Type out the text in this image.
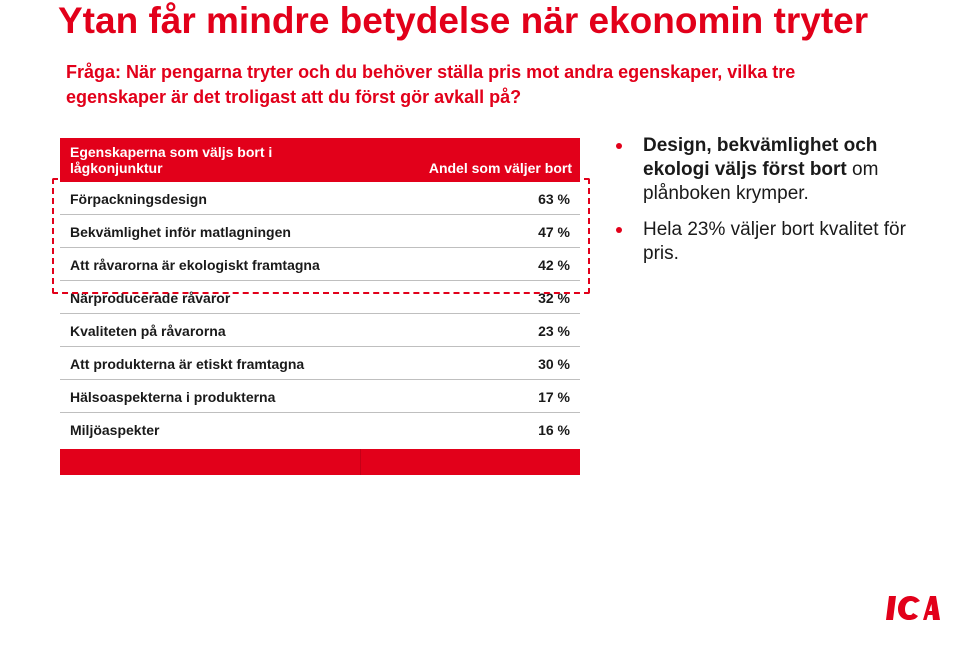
Ytan får mindre betydelse när ekonomin tryter
Fråga: När pengarna tryter och du behöver ställa pris mot andra egenskaper, vilka tre egenskaper är det troligast att du först gör avkall på?
Egenskaperna som väljs bort i lågkonjunktur	Andel som väljer bort
Förpackningsdesign	63 %
Bekvämlighet inför matlagningen	47 %
Att råvarorna är ekologiskt framtagna	42 %
Närproducerade råvaror	32 %
Kvaliteten på råvarorna	23 %
Att produkterna är etiskt framtagna	30 %
Hälsoaspekterna i produkterna	17 %
Miljöaspekter	16 %
Design, bekvämlighet och ekologi väljs först bort om plånboken krymper.
Hela 23% väljer bort kvalitet för pris.
